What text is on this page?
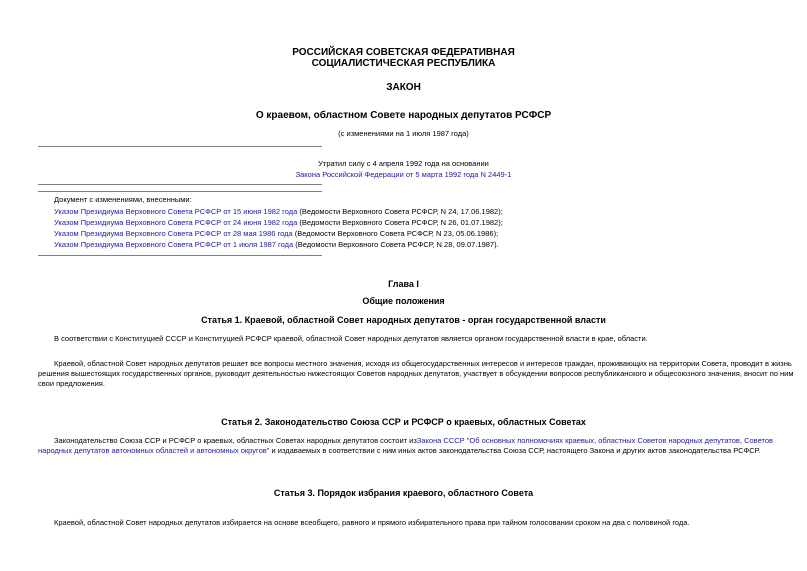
РОССИЙСКАЯ СОВЕТСКАЯ ФЕДЕРАТИВНАЯ
СОЦИАЛИСТИЧЕСКАЯ РЕСПУБЛИКА
ЗАКОН
О краевом, областном Совете народных депутатов РСФСР
(с изменениями на 1 июля 1987 года)
Утратил силу с 4 апреля 1992 года на основании
Закона Российской Федерации от 5 марта 1992 года N 2449-1
Документ с изменениями, внесенными:
Указом Президиума Верховного Совета РСФСР от 15 июня 1982 года (Ведомости Верховного Совета РСФСР, N 24, 17.06.1982);
Указом Президиума Верховного Совета РСФСР от 24 июня 1982 года (Ведомости Верховного Совета РСФСР, N 26, 01.07.1982);
Указом Президиума Верховного Совета РСФСР от 28 мая 1986 года (Ведомости Верховного Совета РСФСР, N 23, 05.06.1986);
Указом Президиума Верховного Совета РСФСР от 1 июля 1987 года (Ведомости Верховного Совета РСФСР, N 28, 09.07.1987).
Глава I
Общие положения
Статья 1. Краевой, областной Совет народных депутатов - орган государственной власти
В соответствии с Конституцией СССР и Конституцией РСФСР краевой, областной Совет народных депутатов является органом государственной власти в крае, области.
Краевой, областной Совет народных депутатов решает все вопросы местного значения, исходя из общегосударственных интересов и интересов граждан, проживающих на территории Совета, проводит в жизнь
решения вышестоящих государственных органов, руководит деятельностью нижестоящих Советов народных депутатов, участвует в обсуждении вопросов республиканского и общесоюзного значения, вносит по ним
свои предложения.
Статья 2. Законодательство Союза ССР и РСФСР о краевых, областных Советах
Законодательство Союза ССР и РСФСР о краевых, областных Советах народных депутатов состоит изЗакона СССР "Об основных полномочиях краевых, областных Советов народных депутатов, Советов
народных депутатов автономных областей и автономных округов" и издаваемых в соответствии с ним иных актов законодательства Союза ССР, настоящего Закона и других актов законодательства РСФСР.
Статья 3. Порядок избрания краевого, областного Совета
Краевой, областной Совет народных депутатов избирается на основе всеобщего, равного и прямого избирательного права при тайном голосовании сроком на два с половиной года.
